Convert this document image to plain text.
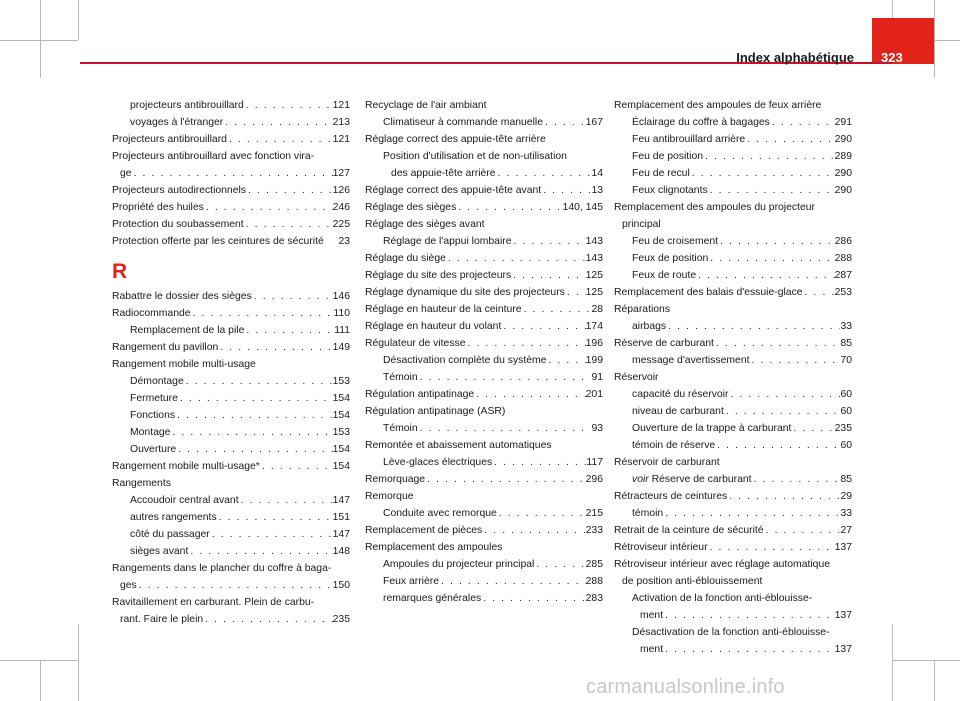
Index alphabétique 323
projecteurs antibrouillard . . .	121
voyages à l'étranger . . .	213
Projecteurs antibrouillard . . .	121
Projecteurs antibrouillard avec fonction vira-
ge . . .	127
Projecteurs autodirectionnels . . .	126
Propriété des huiles . . .	246
Protection du soubassement . . .	225
Protection offerte par les ceintures de sécurité 23
R
Rabattre le dossier des sièges . . .	146
Radiocommande . . .	110
Remplacement de la pile . . .	111
Rangement du pavillon . . .	149
Rangement mobile multi-usage
Démontage . . .	153
Fermeture . . .	154
Fonctions . . .	154
Montage . . .	153
Ouverture . . .	154
Rangement mobile multi-usage* . . .	154
Rangements
Accoudoir central avant . . .	147
autres rangements . . .	151
côté du passager . . .	147
sièges avant . . .	148
Rangements dans le plancher du coffre à baga-
ges . . .	150
Ravitaillement en carburant. Plein de carbu-
rant. Faire le plein . . .	235
Recyclage de l'air ambiant
Climatiseur à commande manuelle . . .	167
Réglage correct des appuie-tête arrière
Position d'utilisation et de non-utilisation
des appuie-tête arrière . . .	14
Réglage correct des appuie-tête avant . . .	13
Réglage des sièges . . .	140, 145
Réglage des sièges avant
Réglage de l'appui lombaire . . .	143
Réglage du siège . . .	143
Réglage du site des projecteurs . . .	125
Réglage dynamique du site des projecteurs . . . 125
Réglage en hauteur de la ceinture . . .	28
Réglage en hauteur du volant . . .	174
Régulateur de vitesse . . .	196
Désactivation complète du système . . .	199
Témoin . . .	91
Régulation antipatinage . . .	201
Régulation antipatinage (ASR)
Témoin . . .	93
Remontée et abaissement automatiques
Lève-glaces électriques . . .	117
Remorquage . . .	296
Remorque
Conduite avec remorque . . .	215
Remplacement de pièces . . .	233
Remplacement des ampoules
Ampoules du projecteur principal . . .	285
Feux arrière . . .	288
remarques générales . . .	283
Remplacement des ampoules de feux arrière
Éclairage du coffre à bagages . . .	291
Feu antibrouillard arrière . . .	290
Feu de position . . .	289
Feu de recul . . .	290
Feux clignotants . . .	290
Remplacement des ampoules du projecteur
principal
Feu de croisement . . .	286
Feux de position . . .	288
Feux de route . . .	287
Remplacement des balais d'essuie-glace . . .	253
Réparations
airbags . . .	33
Réserve de carburant . . .	85
message d'avertissement . . .	70
Réservoir
capacité du réservoir . . .	60
niveau de carburant . . .	60
Ouverture de la trappe à carburant . . .	235
témoin de réserve . . .	60
Réservoir de carburant
voir Réserve de carburant . . .	85
Rétracteurs de ceintures . . .	29
témoin . . .	33
Retrait de la ceinture de sécurité . . .	27
Rétroviseur intérieur . . .	137
Rétroviseur intérieur avec réglage automatique
de position anti-éblouissement
Activation de la fonction anti-éblouisse-
ment . . .	137
Désactivation de la fonction anti-éblouisse-
ment . . .	137
carmanualsonline.info
